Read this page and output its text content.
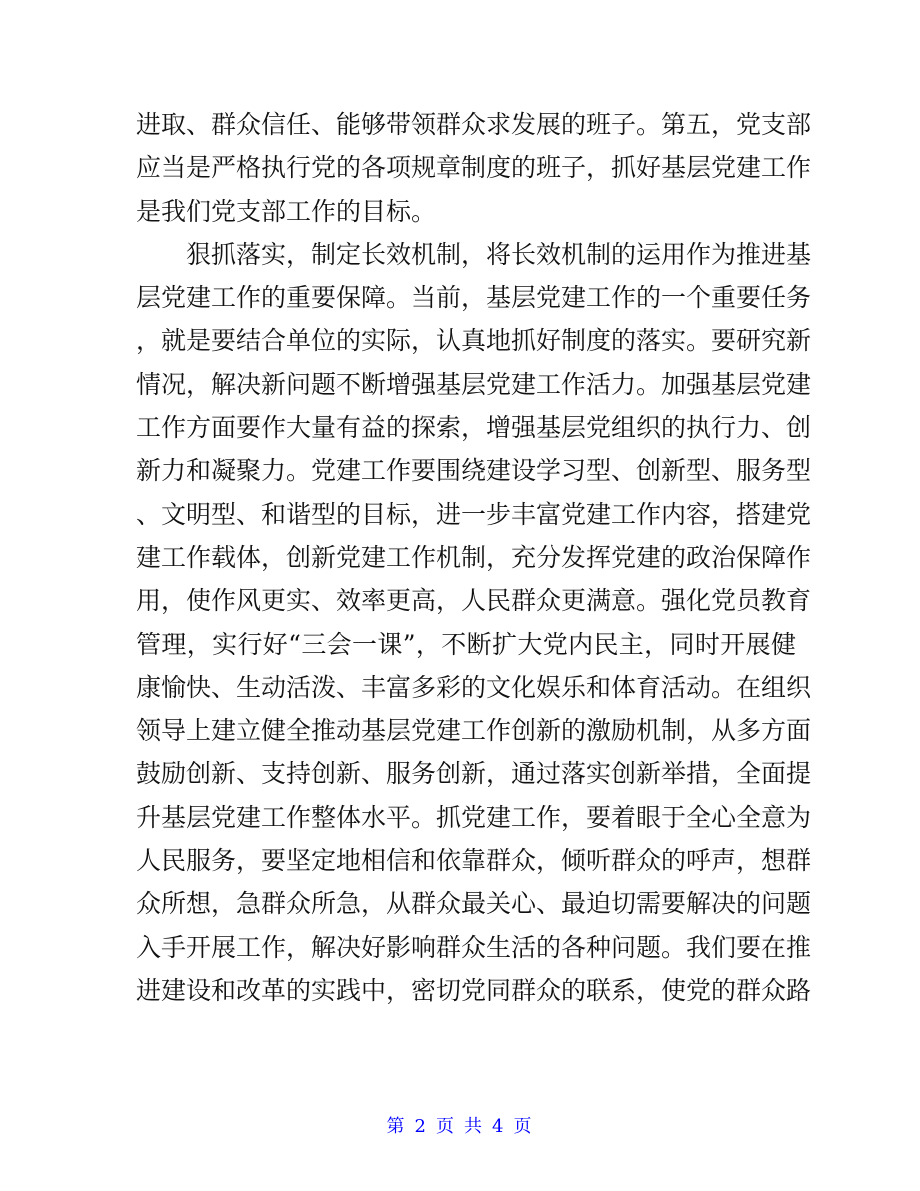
进取、群众信任、能够带领群众求发展的班子。第五，党支部
应当是严格执行党的各项规章制度的班子，抓好基层党建工作
是我们党支部工作的目标。
狠抓落实，制定长效机制，将长效机制的运用作为推进基
层党建工作的重要保障。当前，基层党建工作的一个重要任务
，就是要结合单位的实际，认真地抓好制度的落实。要研究新
情况，解决新问题不断增强基层党建工作活力。加强基层党建
工作方面要作大量有益的探索，增强基层党组织的执行力、创
新力和凝聚力。党建工作要围绕建设学习型、创新型、服务型
、文明型、和谐型的目标，进一步丰富党建工作内容，搭建党
建工作载体，创新党建工作机制，充分发挥党建的政治保障作
用，使作风更实、效率更高，人民群众更满意。强化党员教育
管理，实行好“三会一课”，不断扩大党内民主，同时开展健
康愉快、生动活泼、丰富多彩的文化娱乐和体育活动。在组织
领导上建立健全推动基层党建工作创新的激励机制，从多方面
鼓励创新、支持创新、服务创新，通过落实创新举措，全面提
升基层党建工作整体水平。抓党建工作，要着眼于全心全意为
人民服务，要坚定地相信和依靠群众，倾听群众的呼声，想群
众所想，急群众所急，从群众最关心、最迫切需要解决的问题
入手开展工作，解决好影响群众生活的各种问题。我们要在推
进建设和改革的实践中，密切党同群众的联系，使党的群众路
第 2 页 共 4 页
